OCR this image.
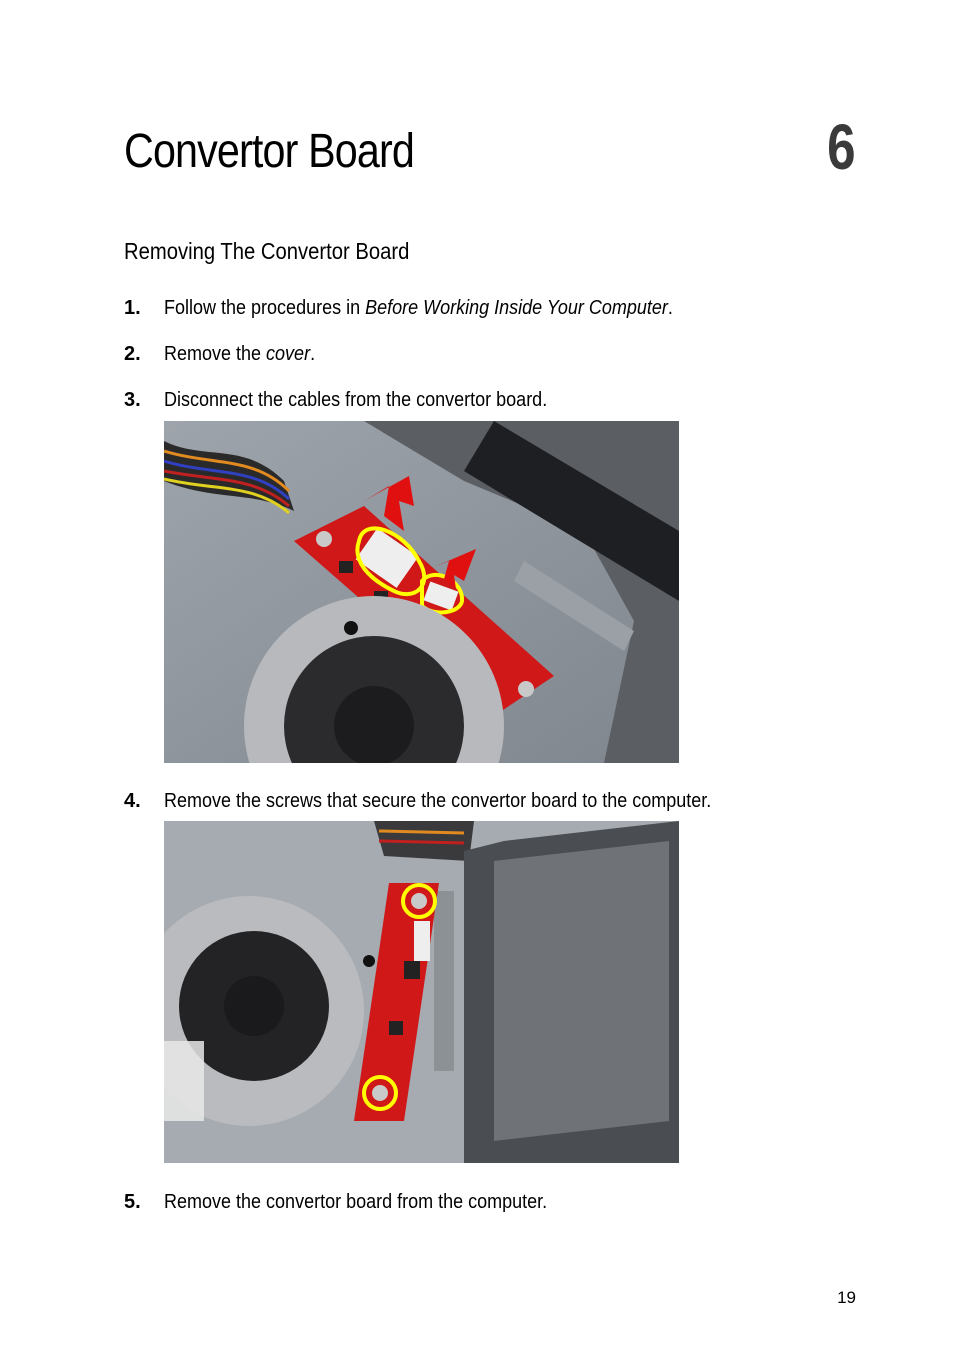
Convertor Board	6
Removing The Convertor Board
1. Follow the procedures in Before Working Inside Your Computer.
2. Remove the cover.
3. Disconnect the cables from the convertor board.
4. Remove the screws that secure the convertor board to the computer.
5. Remove the convertor board from the computer.
19
